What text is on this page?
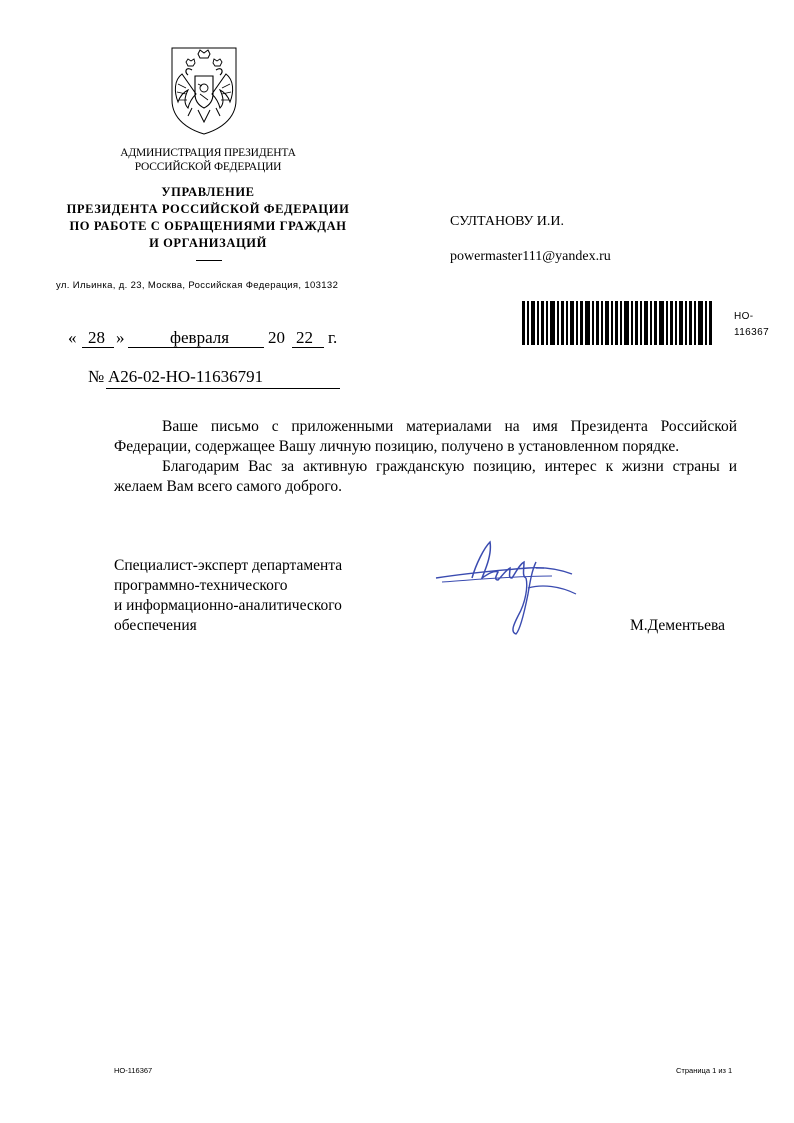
АДМИНИСТРАЦИЯ ПРЕЗИДЕНТА
РОССИЙСКОЙ ФЕДЕРАЦИИ
УПРАВЛЕНИЕ
ПРЕЗИДЕНТА РОССИЙСКОЙ ФЕДЕРАЦИИ
ПО РАБОТЕ С ОБРАЩЕНИЯМИ ГРАЖДАН
И ОРГАНИЗАЦИЙ
ул. Ильинка, д. 23, Москва, Российская Федерация, 103132
СУЛТАНОВУ И.И.
powermaster111@yandex.ru
НО-
116367
« 28 »	февраля 20 22 г.
№ А26-02-НО-11636791

Ваше письмо с приложенными материалами на имя Президента Российской Федерации, содержащее Вашу личную позицию, получено в установленном порядке.

Благодарим Вас за активную гражданскую позицию, интерес к жизни страны и желаем Вам всего самого доброго.

Специалист-эксперт департамента
программно-технического
и информационно-аналитического
обеспечения	М.Дементьева
НО-116367	Страница 1 из 1
